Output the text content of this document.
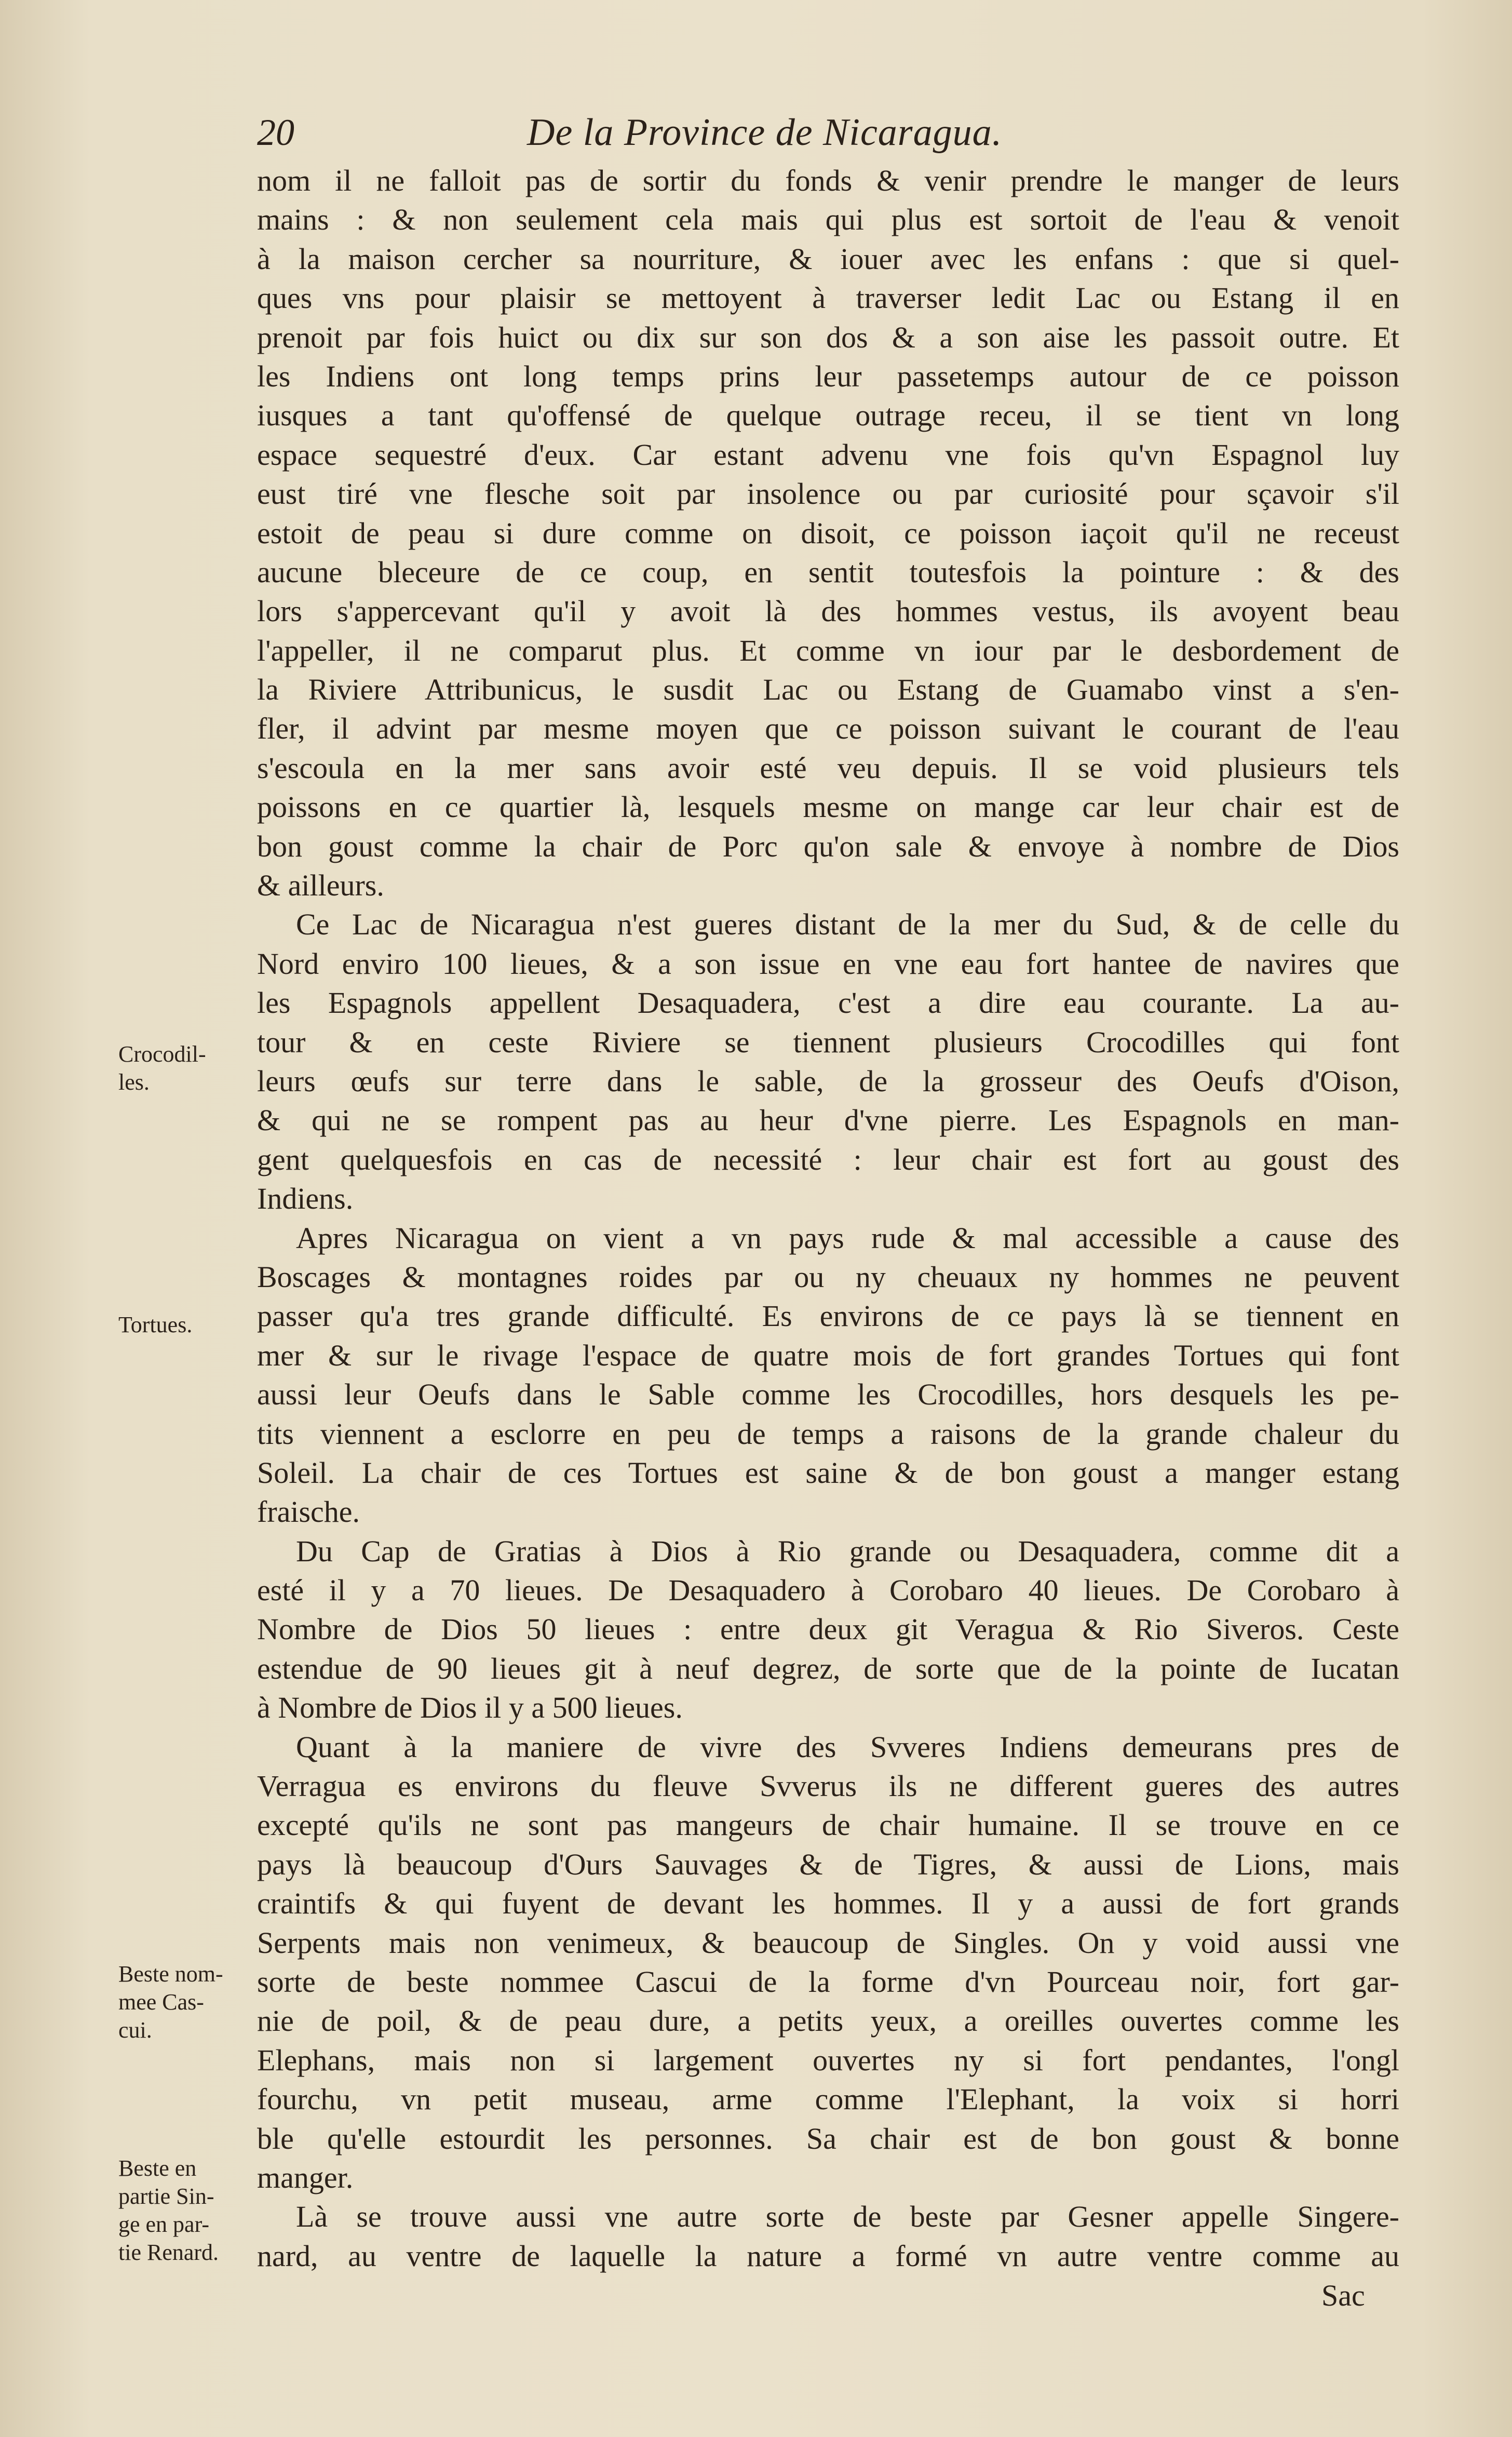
20	De la Province de Nicaragua.
Crocodil-
les.
Tortues.
Beste nom-
mee Cas-
cui.
Beste en
partie Sin-
ge en par-
tie Renard.
nom il ne falloit pas de sortir du fonds & venir prendre le manger de leurs
mains : & non seulement cela mais qui plus est sortoit de l'eau & venoit
à la maison cercher sa nourriture, & iouer avec les enfans : que si quel-
ques vns pour plaisir se mettoyent à traverser ledit Lac ou Estang il en
prenoit par fois huict ou dix sur son dos & a son aise les passoit outre. Et
les Indiens ont long temps prins leur passetemps autour de ce poisson
iusques a tant qu'offensé de quelque outrage receu, il se tient vn long
espace sequestré d'eux. Car estant advenu vne fois qu'vn Espagnol luy
eust tiré vne flesche soit par insolence ou par curiosité pour sçavoir s'il
estoit de peau si dure comme on disoit, ce poisson iaçoit qu'il ne receust
aucune bleceure de ce coup, en sentit toutesfois la pointure : & des
lors s'appercevant qu'il y avoit là des hommes vestus, ils avoyent beau
l'appeller, il ne comparut plus. Et comme vn iour par le desbordement de
la Riviere Attribunicus, le susdit Lac ou Estang de Guamabo vinst a s'en-
fler, il advint par mesme moyen que ce poisson suivant le courant de l'eau
s'escoula en la mer sans avoir esté veu depuis. Il se void plusieurs tels
poissons en ce quartier là, lesquels mesme on mange car leur chair est de
bon goust comme la chair de Porc qu'on sale & envoye à nombre de Dios
& ailleurs.
Ce Lac de Nicaragua n'est gueres distant de la mer du Sud, & de celle du
Nord enviro 100 lieues, & a son issue en vne eau fort hantee de navires que
les Espagnols appellent Desaquadera, c'est a dire eau courante. La au-
tour & en ceste Riviere se tiennent plusieurs Crocodilles qui font
leurs œufs sur terre dans le sable, de la grosseur des Oeufs d'Oison,
& qui ne se rompent pas au heur d'vne pierre. Les Espagnols en man-
gent quelquesfois en cas de necessité : leur chair est fort au goust des
Indiens.
Apres Nicaragua on vient a vn pays rude & mal accessible a cause des
Boscages & montagnes roides par ou ny cheuaux ny hommes ne peuvent
passer qu'a tres grande difficulté. Es environs de ce pays là se tiennent en
mer & sur le rivage l'espace de quatre mois de fort grandes Tortues qui font
aussi leur Oeufs dans le Sable comme les Crocodilles, hors desquels les pe-
tits viennent a esclorre en peu de temps a raisons de la grande chaleur du
Soleil. La chair de ces Tortues est saine & de bon goust a manger estang
fraische.
Du Cap de Gratias à Dios à Rio grande ou Desaquadera, comme dit a
esté il y a 70 lieues. De Desaquadero à Corobaro 40 lieues. De Corobaro à
Nombre de Dios 50 lieues : entre deux git Veragua & Rio Siveros. Ceste
estendue de 90 lieues git à neuf degrez, de sorte que de la pointe de Iucatan
à Nombre de Dios il y a 500 lieues.
Quant à la maniere de vivre des Svveres Indiens demeurans pres de
Verragua es environs du fleuve Svverus ils ne different gueres des autres
excepté qu'ils ne sont pas mangeurs de chair humaine. Il se trouve en ce
pays là beaucoup d'Ours Sauvages & de Tigres, & aussi de Lions, mais
craintifs & qui fuyent de devant les hommes. Il y a aussi de fort grands
Serpents mais non venimeux, & beaucoup de Singles. On y void aussi vne
sorte de beste nommee Cascui de la forme d'vn Pourceau noir, fort gar-
nie de poil, & de peau dure, a petits yeux, a oreilles ouvertes comme les
Elephans, mais non si largement ouvertes ny si fort pendantes, l'ongl
fourchu, vn petit museau, arme comme l'Elephant, la voix si horri
ble qu'elle estourdit les personnes. Sa chair est de bon goust & bonne
manger.
Là se trouve aussi vne autre sorte de beste par Gesner appelle Singere-
nard, au ventre de laquelle la nature a formé vn autre ventre comme au
Sac
